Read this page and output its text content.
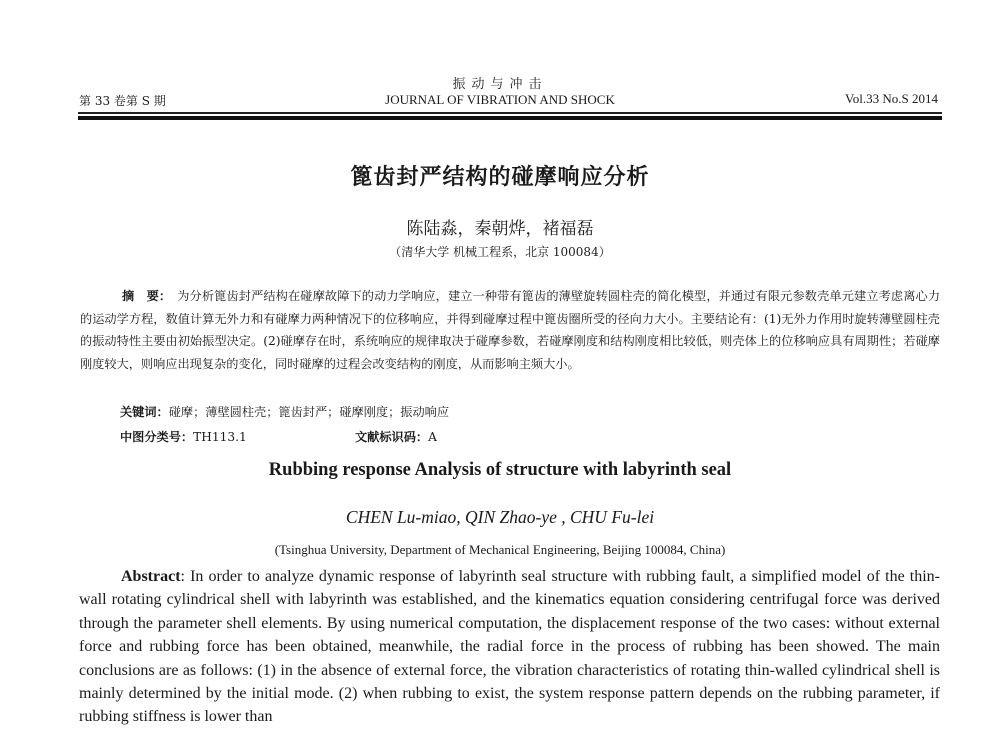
振动与冲击
第 33 卷第 S 期	JOURNAL OF VIBRATION AND SHOCK	Vol.33 No.S 2014
篦齿封严结构的碰摩响应分析
陈陆淼，秦朝烨，褚福磊
（清华大学 机械工程系，北京 100084）
摘　要： 为分析篦齿封严结构在碰摩故障下的动力学响应，建立一种带有篦齿的薄壁旋转圆柱壳的简化模型，并通过有限元参数壳单元建立考虑离心力的运动学方程，数值计算无外力和有碰摩力两种情况下的位移响应，并得到碰摩过程中篦齿圈所受的径向力大小。主要结论有：(1)无外力作用时旋转薄壁圆柱壳的振动特性主要由初始振型决定。(2)碰摩存在时，系统响应的规律取决于碰摩参数，若碰摩刚度和结构刚度相比较低，则壳体上的位移响应具有周期性；若碰摩刚度较大，则响应出现复杂的变化，同时碰摩的过程会改变结构的刚度，从而影响主频大小。
关键词：碰摩；薄壁圆柱壳；篦齿封严；碰摩刚度；振动响应
中图分类号：TH113.1	文献标识码：A
Rubbing response Analysis of structure with labyrinth seal
CHEN Lu-miao, QIN Zhao-ye , CHU Fu-lei
(Tsinghua University, Department of Mechanical Engineering, Beijing 100084, China)
Abstract: In order to analyze dynamic response of labyrinth seal structure with rubbing fault, a simplified model of the thin-wall rotating cylindrical shell with labyrinth was established, and the kinematics equation considering centrifugal force was derived through the parameter shell elements. By using numerical computation, the displacement response of the two cases: without external force and rubbing force has been obtained, meanwhile, the radial force in the process of rubbing has been showed. The main conclusions are as follows: (1) in the absence of external force, the vibration characteristics of rotating thin-walled cylindrical shell is mainly determined by the initial mode. (2) when rubbing to exist, the system response pattern depends on the rubbing parameter, if rubbing stiffness is lower than
